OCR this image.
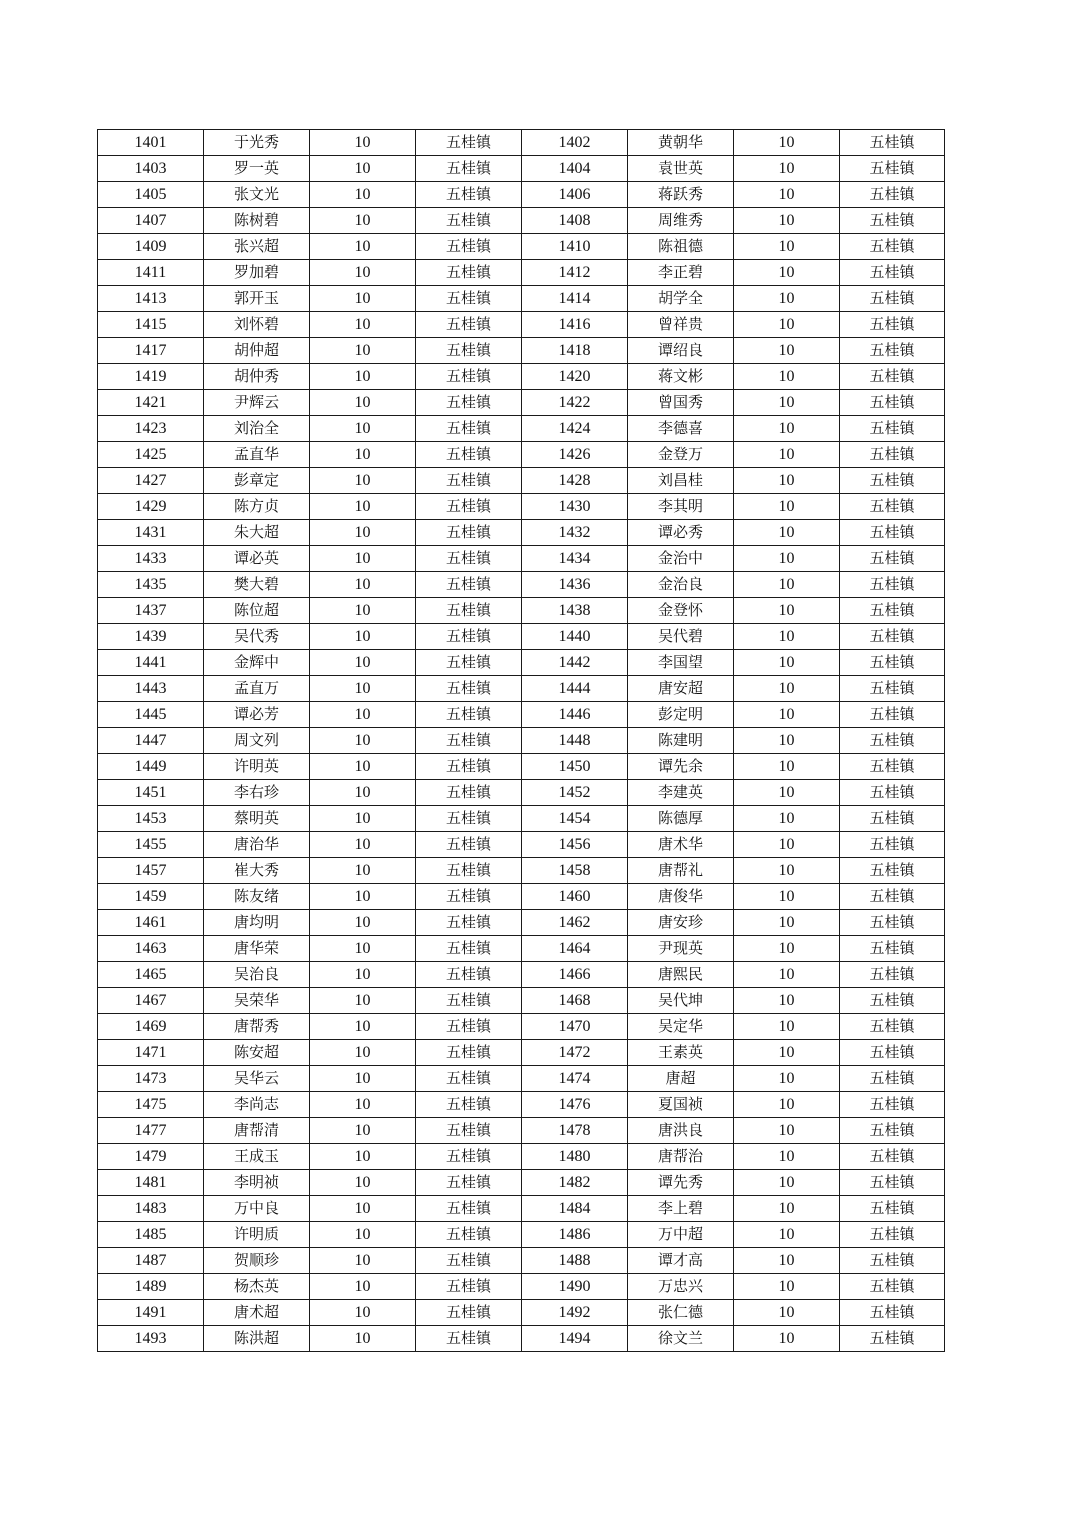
1401	于光秀	10	五桂镇	1402	黄朝华	10	五桂镇
1403	罗一英	10	五桂镇	1404	袁世英	10	五桂镇
1405	张文光	10	五桂镇	1406	蒋跃秀	10	五桂镇
1407	陈树碧	10	五桂镇	1408	周维秀	10	五桂镇
1409	张兴超	10	五桂镇	1410	陈祖德	10	五桂镇
1411	罗加碧	10	五桂镇	1412	李正碧	10	五桂镇
1413	郭开玉	10	五桂镇	1414	胡学全	10	五桂镇
1415	刘怀碧	10	五桂镇	1416	曾祥贵	10	五桂镇
1417	胡仲超	10	五桂镇	1418	谭绍良	10	五桂镇
1419	胡仲秀	10	五桂镇	1420	蒋文彬	10	五桂镇
1421	尹辉云	10	五桂镇	1422	曾国秀	10	五桂镇
1423	刘治全	10	五桂镇	1424	李德喜	10	五桂镇
1425	孟直华	10	五桂镇	1426	金登万	10	五桂镇
1427	彭章定	10	五桂镇	1428	刘昌桂	10	五桂镇
1429	陈方贞	10	五桂镇	1430	李其明	10	五桂镇
1431	朱大超	10	五桂镇	1432	谭必秀	10	五桂镇
1433	谭必英	10	五桂镇	1434	金治中	10	五桂镇
1435	樊大碧	10	五桂镇	1436	金治良	10	五桂镇
1437	陈位超	10	五桂镇	1438	金登怀	10	五桂镇
1439	吴代秀	10	五桂镇	1440	吴代碧	10	五桂镇
1441	金辉中	10	五桂镇	1442	李国望	10	五桂镇
1443	孟直万	10	五桂镇	1444	唐安超	10	五桂镇
1445	谭必芳	10	五桂镇	1446	彭定明	10	五桂镇
1447	周文列	10	五桂镇	1448	陈建明	10	五桂镇
1449	许明英	10	五桂镇	1450	谭先余	10	五桂镇
1451	李右珍	10	五桂镇	1452	李建英	10	五桂镇
1453	蔡明英	10	五桂镇	1454	陈德厚	10	五桂镇
1455	唐治华	10	五桂镇	1456	唐术华	10	五桂镇
1457	崔大秀	10	五桂镇	1458	唐帮礼	10	五桂镇
1459	陈友绪	10	五桂镇	1460	唐俊华	10	五桂镇
1461	唐均明	10	五桂镇	1462	唐安珍	10	五桂镇
1463	唐华荣	10	五桂镇	1464	尹现英	10	五桂镇
1465	吴治良	10	五桂镇	1466	唐熙民	10	五桂镇
1467	吴荣华	10	五桂镇	1468	吴代坤	10	五桂镇
1469	唐帮秀	10	五桂镇	1470	吴定华	10	五桂镇
1471	陈安超	10	五桂镇	1472	王素英	10	五桂镇
1473	吴华云	10	五桂镇	1474	唐超	10	五桂镇
1475	李尚志	10	五桂镇	1476	夏国祯	10	五桂镇
1477	唐帮清	10	五桂镇	1478	唐洪良	10	五桂镇
1479	王成玉	10	五桂镇	1480	唐帮治	10	五桂镇
1481	李明祯	10	五桂镇	1482	谭先秀	10	五桂镇
1483	万中良	10	五桂镇	1484	李上碧	10	五桂镇
1485	许明质	10	五桂镇	1486	万中超	10	五桂镇
1487	贺顺珍	10	五桂镇	1488	谭才高	10	五桂镇
1489	杨杰英	10	五桂镇	1490	万忠兴	10	五桂镇
1491	唐术超	10	五桂镇	1492	张仁德	10	五桂镇
1493	陈洪超	10	五桂镇	1494	徐文兰	10	五桂镇
